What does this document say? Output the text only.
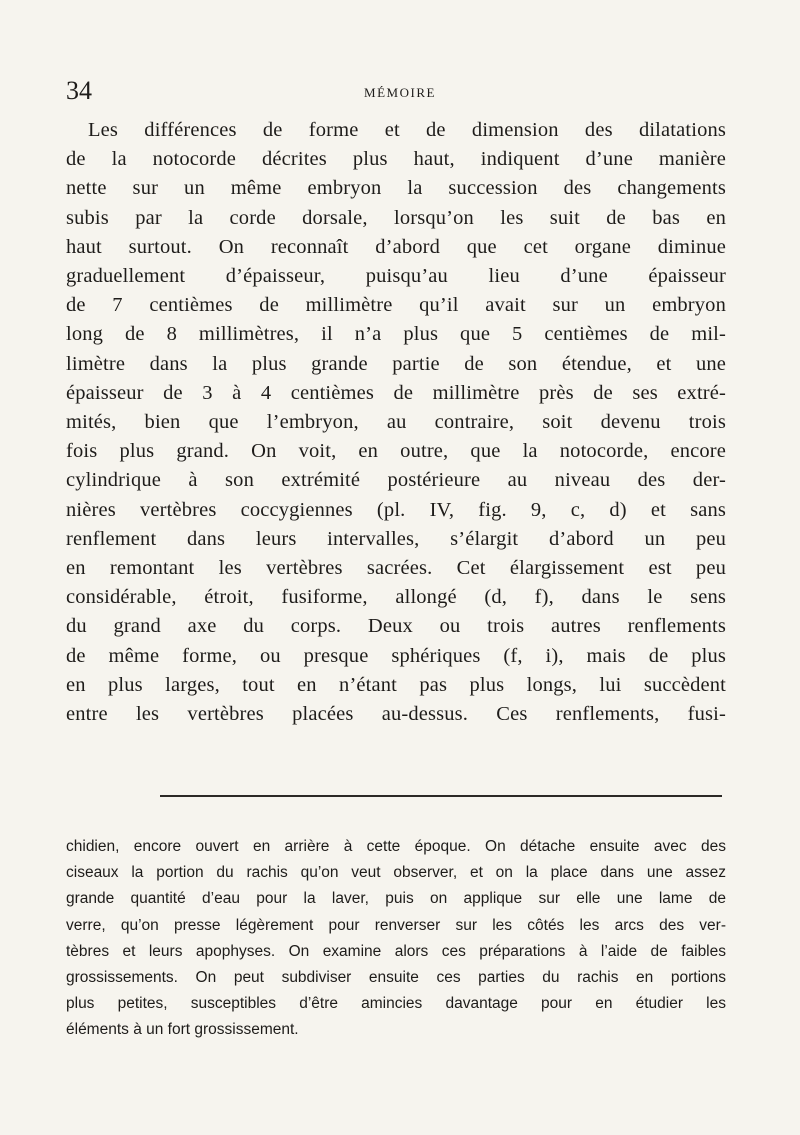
34	MÉMOIRE
Les différences de forme et de dimension des dilatations
de la notocorde décrites plus haut, indiquent d’une manière
nette sur un même embryon la succession des changements
subis par la corde dorsale, lorsqu’on les suit de bas en
haut surtout. On reconnaît d’abord que cet organe diminue
graduellement d’épaisseur, puisqu’au lieu d’une épaisseur
de 7 centièmes de millimètre qu’il avait sur un embryon
long de 8 millimètres, il n’a plus que 5 centièmes de mil-
limètre dans la plus grande partie de son étendue, et une
épaisseur de 3 à 4 centièmes de millimètre près de ses extré-
mités, bien que l’embryon, au contraire, soit devenu trois
fois plus grand. On voit, en outre, que la notocorde, encore
cylindrique à son extrémité postérieure au niveau des der-
nières vertèbres coccygiennes (pl. IV, fig. 9, c, d) et sans
renflement dans leurs intervalles, s’élargit d’abord un peu
en remontant les vertèbres sacrées. Cet élargissement est peu
considérable, étroit, fusiforme, allongé (d, f), dans le sens
du grand axe du corps. Deux ou trois autres renflements
de même forme, ou presque sphériques (f, i), mais de plus
en plus larges, tout en n’étant pas plus longs, lui succèdent
entre les vertèbres placées au-dessus. Ces renflements, fusi-
chidien, encore ouvert en arrière à cette époque. On détache ensuite avec des
ciseaux la portion du rachis qu’on veut observer, et on la place dans une assez
grande quantité d’eau pour la laver, puis on applique sur elle une lame de
verre, qu’on presse légèrement pour renverser sur les côtés les arcs des ver-
tèbres et leurs apophyses. On examine alors ces préparations à l’aide de faibles
grossissements. On peut subdiviser ensuite ces parties du rachis en portions
plus petites, susceptibles d’être amincies davantage pour en étudier les
éléments à un fort grossissement.
